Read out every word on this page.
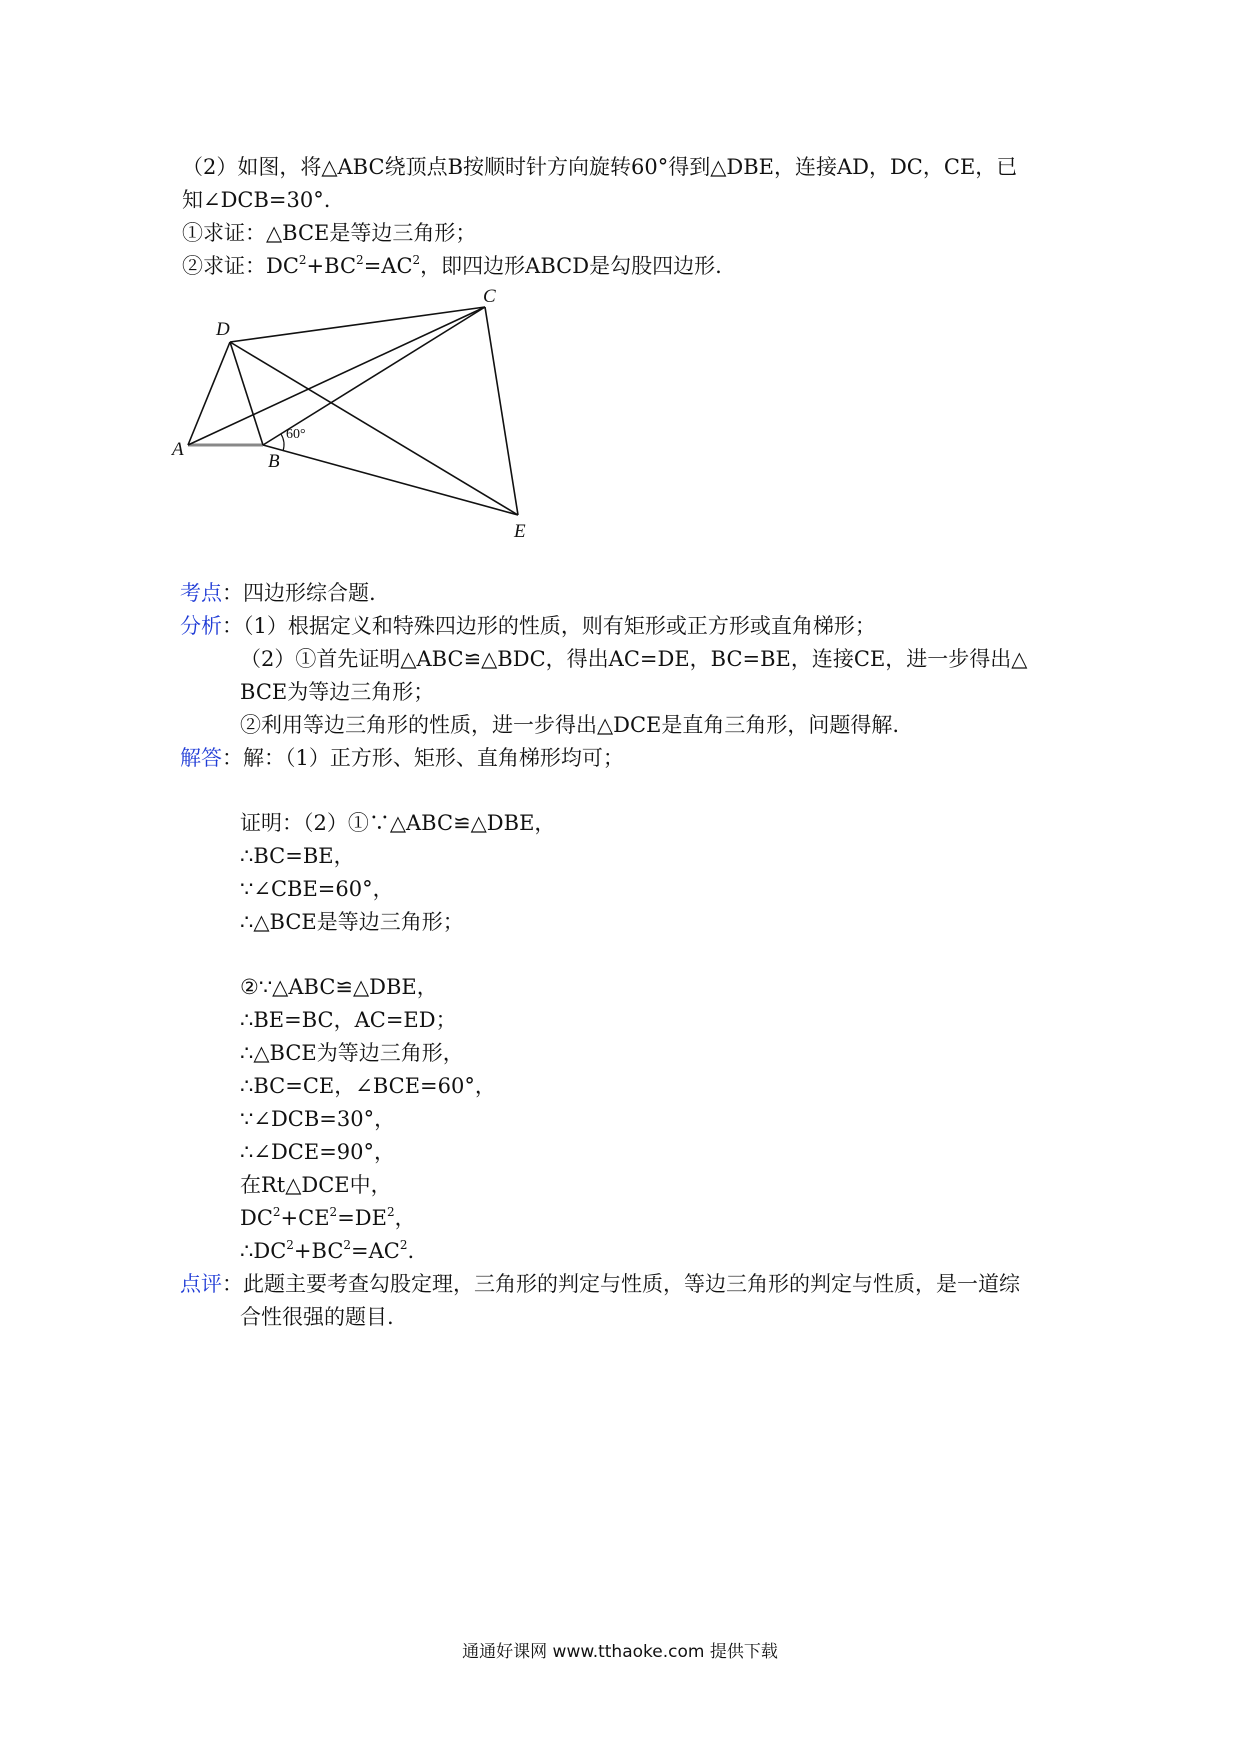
（2）如图，将△ABC绕顶点B按顺时针方向旋转60°得到△DBE，连接AD，DC，CE，已
知∠DCB=30°.
①求证：△BCE是等边三角形；
②求证：$DC^2+BC^2=AC^2$，即四边形ABCD是勾股四边形.
D
A
B
C
E
60°
考点：四边形综合题.
分析：（1）根据定义和特殊四边形的性质，则有矩形或正方形或直角梯形；
（2）①首先证明△ABC≌△BDC，得出AC=DE，BC=BE，连接CE，进一步得出△
BCE为等边三角形；
②利用等边三角形的性质，进一步得出△DCE是直角三角形，问题得解.
解答：解：（1）正方形、矩形、直角梯形均可；
证明：（2）①∵△ABC≌△DBE，
∴BC=BE，
∵∠CBE=60°，
∴△BCE是等边三角形；
②∵△ABC≌△DBE，
∴BE=BC，AC=ED；
∴△BCE为等边三角形，
∴BC=CE，∠BCE=60°，
∵∠DCB=30°，
∴∠DCE=90°，
在Rt△DCE中，
$DC^2+CE^2=DE^2$，
$\therefore DC^2+BC^2=AC^2$.
点评：此题主要考查勾股定理，三角形的判定与性质，等边三角形的判定与性质，是一道综
合性很强的题目.
通通好课网 www.tthaoke.com 提供下载
